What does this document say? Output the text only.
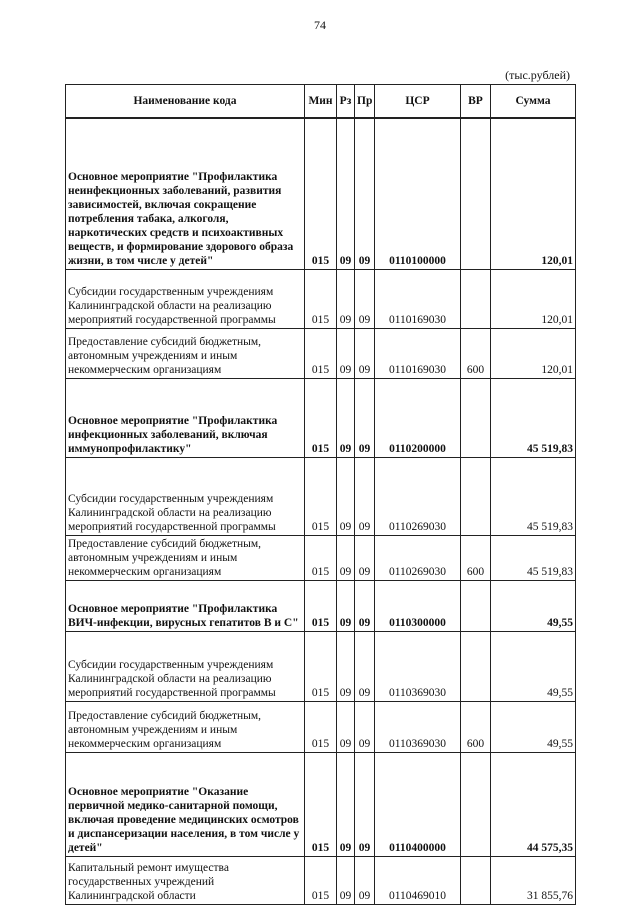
74
(тыс.рублей)
Наименование кода	Мин	Рз	Пр	ЦСР	ВР	Сумма
Основное мероприятие "Профилактика неинфекционных заболеваний, развития зависимостей, включая сокращение потребления табака, алкоголя, наркотических средств и психоактивных веществ, и формирование здорового образа жизни, в том числе у детей"	015	09	09	0110100000		120,01
Субсидии государственным учреждениям Калининградской области на реализацию мероприятий государственной программы	015	09	09	0110169030		120,01
Предоставление субсидий бюджетным, автономным учреждениям и иным некоммерческим организациям	015	09	09	0110169030	600	120,01
Основное мероприятие "Профилактика инфекционных заболеваний, включая иммунопрофилактику"	015	09	09	0110200000		45 519,83
Субсидии государственным учреждениям Калининградской области на реализацию мероприятий государственной программы	015	09	09	0110269030		45 519,83
Предоставление субсидий бюджетным, автономным учреждениям и иным некоммерческим организациям	015	09	09	0110269030	600	45 519,83
Основное мероприятие "Профилактика ВИЧ-инфекции, вирусных гепатитов В и С"	015	09	09	0110300000		49,55
Субсидии государственным учреждениям Калининградской области на реализацию мероприятий государственной программы	015	09	09	0110369030		49,55
Предоставление субсидий бюджетным, автономным учреждениям и иным некоммерческим организациям	015	09	09	0110369030	600	49,55
Основное мероприятие "Оказание первичной медико-санитарной помощи, включая проведение медицинских осмотров и диспансеризации населения, в том числе у детей"	015	09	09	0110400000		44 575,35
Капитальный ремонт имущества государственных учреждений Калининградской области	015	09	09	0110469010		31 855,76
